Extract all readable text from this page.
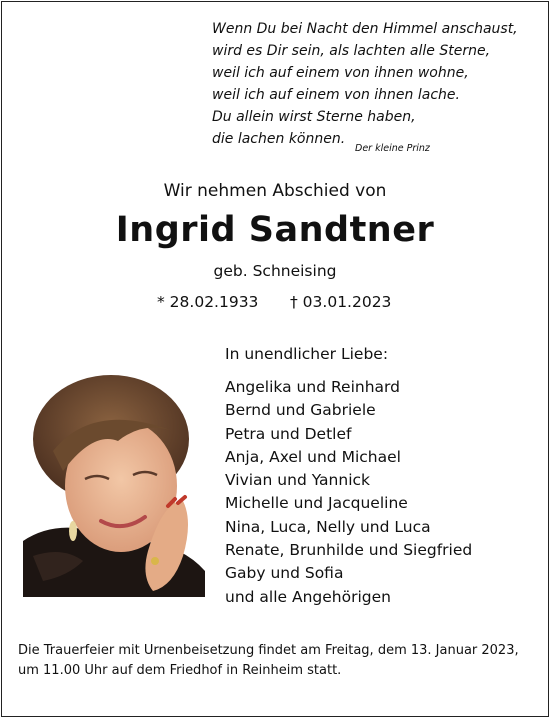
Wenn Du bei Nacht den Himmel anschaust,
wird es Dir sein, als lachten alle Sterne,
weil ich auf einem von ihnen wohne,
weil ich auf einem von ihnen lache.
Du allein wirst Sterne haben,
die lachen können.
Der kleine Prinz
Wir nehmen Abschied von
Ingrid Sandtner
geb. Schneising
* 28.02.1933 † 03.01.2023
In unendlicher Liebe:
Angelika und Reinhard
Bernd und Gabriele
Petra und Detlef
Anja, Axel und Michael
Vivian und Yannick
Michelle und Jacqueline
Nina, Luca, Nelly und Luca
Renate, Brunhilde und Siegfried
Gaby und Sofia
und alle Angehörigen
Die Trauerfeier mit Urnenbeisetzung findet am Freitag, dem 13. Januar 2023,
um 11.00 Uhr auf dem Friedhof in Reinheim statt.
